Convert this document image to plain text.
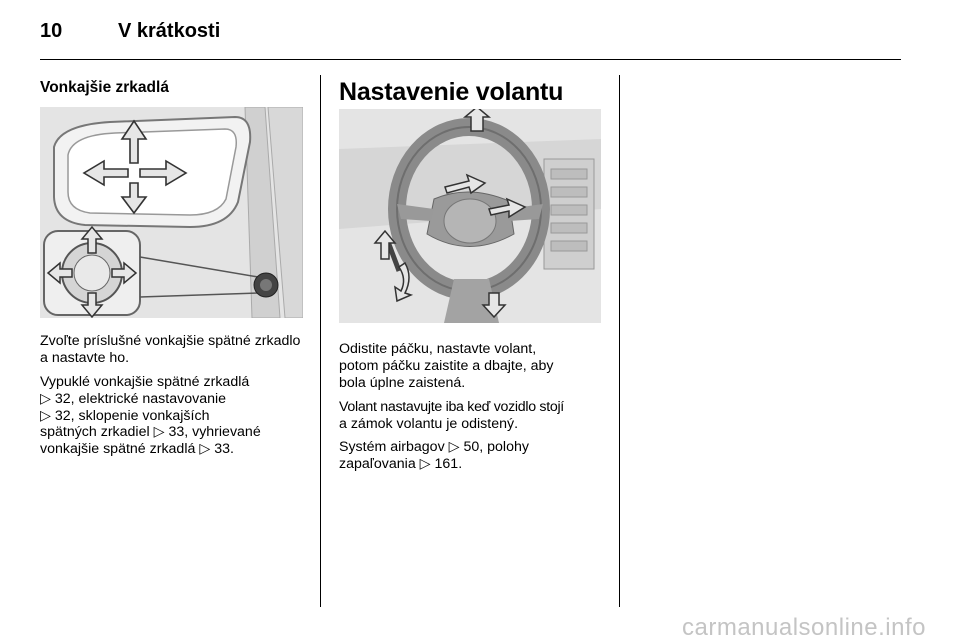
10	V krátkosti
Vonkajšie zrkadlá

Zvoľte príslušné vonkajšie spätné zrkadlo a nastavte ho.

Vypuklé vonkajšie spätné zrkadlá
▷ 32, elektrické nastavovanie
▷ 32, sklopenie vonkajších
spätných zrkadiel ▷ 33, vyhrievané
vonkajšie spätné zrkadlá ▷ 33.

Nastavenie volantu

Odistite páčku, nastavte volant,
potom páčku zaistite a dbajte, aby
bola úplne zaistená.

Volant nastavujte iba keď vozidlo stojí
a zámok volantu je odistený.

Systém airbagov ▷ 50, polohy
zapaľovania ▷ 161.

carmanualsonline.info
